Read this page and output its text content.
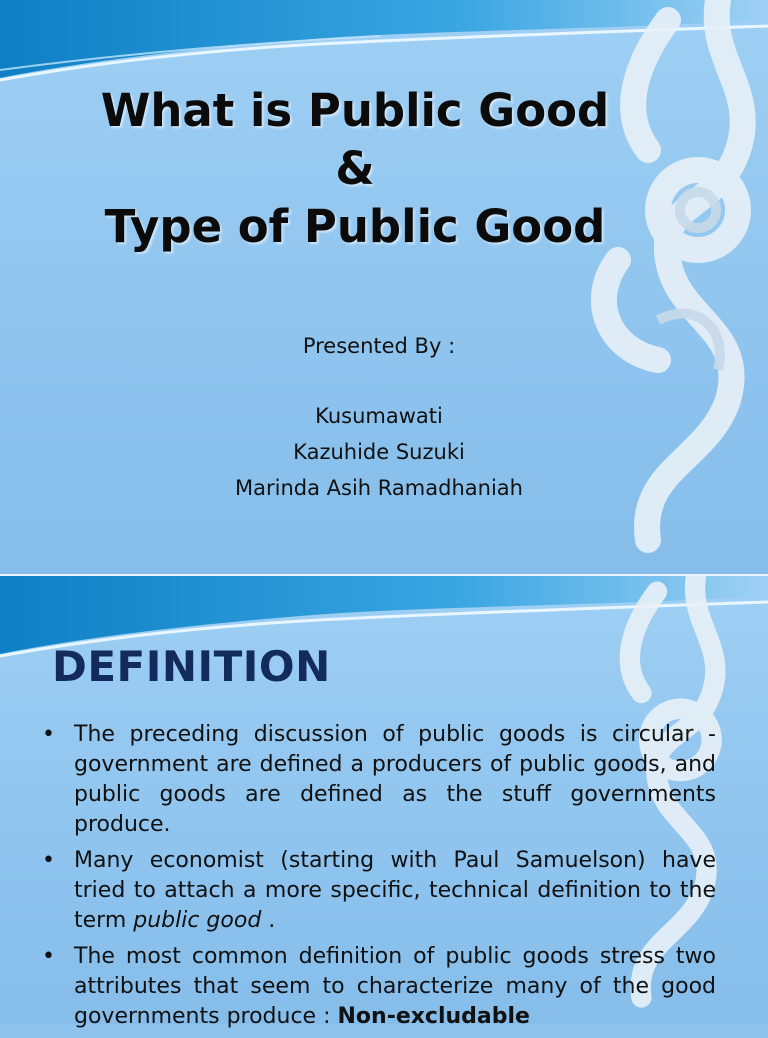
What is Public Good
&
Type of Public Good
Presented By :
Kusumawati
Kazuhide Suzuki
Marinda Asih Ramadhaniah
DEFINITION
• The preceding discussion of public goods is circular - government are defined a producers of public goods, and public goods are defined as the stuff governments produce.
• Many economist (starting with Paul Samuelson) have tried to attach a more specific, technical definition to the term public good .
• The most common definition of public goods stress two attributes that seem to characterize many of the good governments produce : Non-excludable
